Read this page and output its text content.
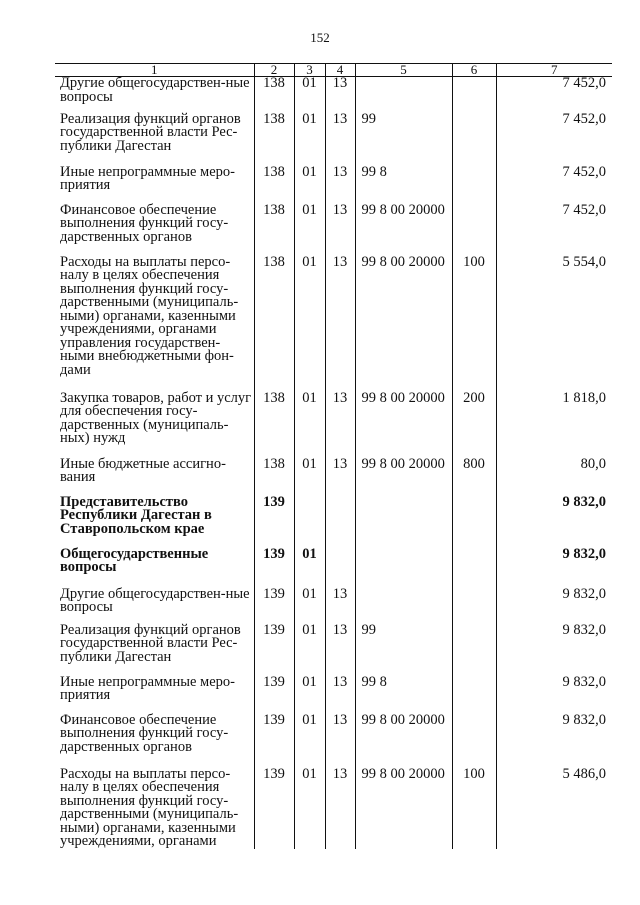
152
1	2	3	4	5	6	7
Другие общегосударствен-ные вопросы	138	01	13			7 452,0
Реализация функций органов государственной власти Рес-публики Дагестан	138	01	13	99		7 452,0
Иные непрограммные меро-приятия	138	01	13	99 8		7 452,0
Финансовое обеспечение выполнения функций госу-дарственных органов	138	01	13	99 8 00 20000		7 452,0
Расходы на выплаты персо-налу в целях обеспечения выполнения функций госу-дарственными (муниципаль-ными) органами, казенными учреждениями, органами управления государствен-ными внебюджетными фон-дами	138	01	13	99 8 00 20000	100	5 554,0
Закупка товаров, работ и услуг для обеспечения госу-дарственных (муниципаль-ных) нужд	138	01	13	99 8 00 20000	200	1 818,0
Иные бюджетные ассигно-вания	138	01	13	99 8 00 20000	800	80,0
Представительство Республики Дагестан в Ставропольском крае	139					9 832,0
Общегосударственные вопросы	139	01				9 832,0
Другие общегосударствен-ные вопросы	139	01	13			9 832,0
Реализация функций органов государственной власти Рес-публики Дагестан	139	01	13	99		9 832,0
Иные непрограммные меро-приятия	139	01	13	99 8		9 832,0
Финансовое обеспечение выполнения функций госу-дарственных органов	139	01	13	99 8 00 20000		9 832,0
Расходы на выплаты персо-налу в целях обеспечения выполнения функций госу-дарственными (муниципаль-ными) органами, казенными учреждениями, органами	139	01	13	99 8 00 20000	100	5 486,0
